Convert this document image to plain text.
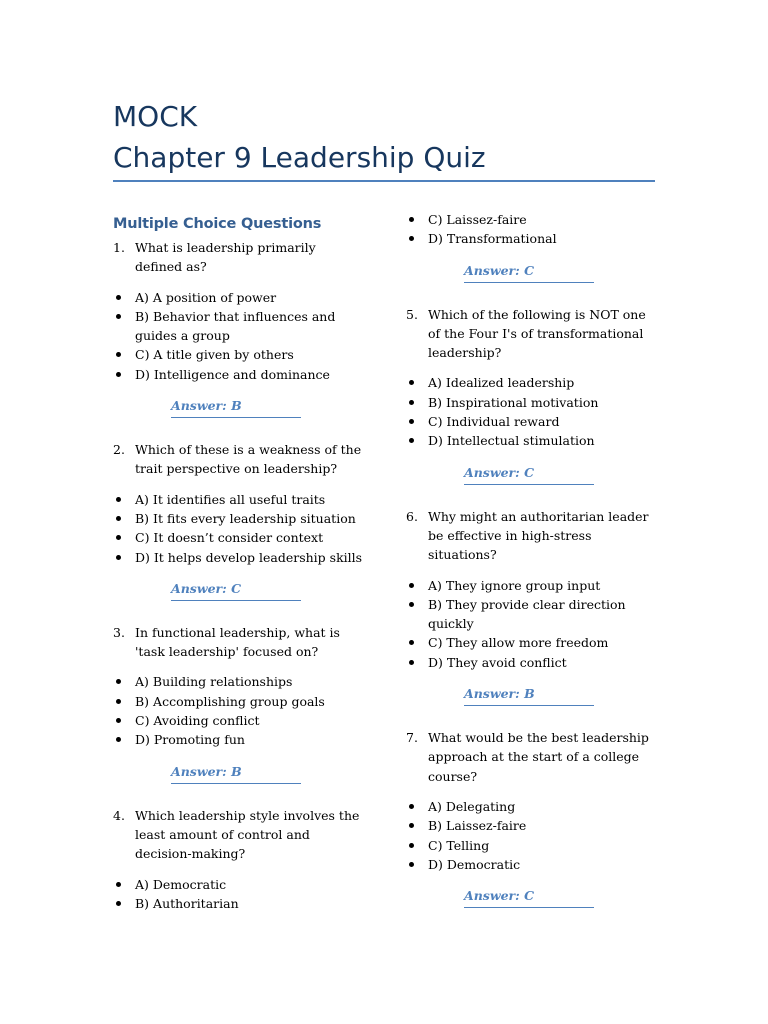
MOCK
Chapter 9 Leadership Quiz
Multiple Choice Questions

1. What is leadership primarily defined as?

A) A position of power
B) Behavior that influences and guides a group
C) A title given by others
D) Intelligence and dominance
Answer: B

2. Which of these is a weakness of the trait perspective on leadership?

A) It identifies all useful traits
B) It fits every leadership situation
C) It doesn’t consider context
D) It helps develop leadership skills
Answer: C

3. In functional leadership, what is 'task leadership' focused on?

A) Building relationships
B) Accomplishing group goals
C) Avoiding conflict
D) Promoting fun
Answer: B

4. Which leadership style involves the least amount of control and decision-making?

A) Democratic
B) Authoritarian
C) Laissez-faire
D) Transformational
Answer: C

5. Which of the following is NOT one of the Four I's of transformational leadership?

A) Idealized leadership
B) Inspirational motivation
C) Individual reward
D) Intellectual stimulation
Answer: C

6. Why might an authoritarian leader be effective in high-stress situations?

A) They ignore group input
B) They provide clear direction quickly
C) They allow more freedom
D) They avoid conflict
Answer: B

7. What would be the best leadership approach at the start of a college course?

A) Delegating
B) Laissez-faire
C) Telling
D) Democratic
Answer: C
